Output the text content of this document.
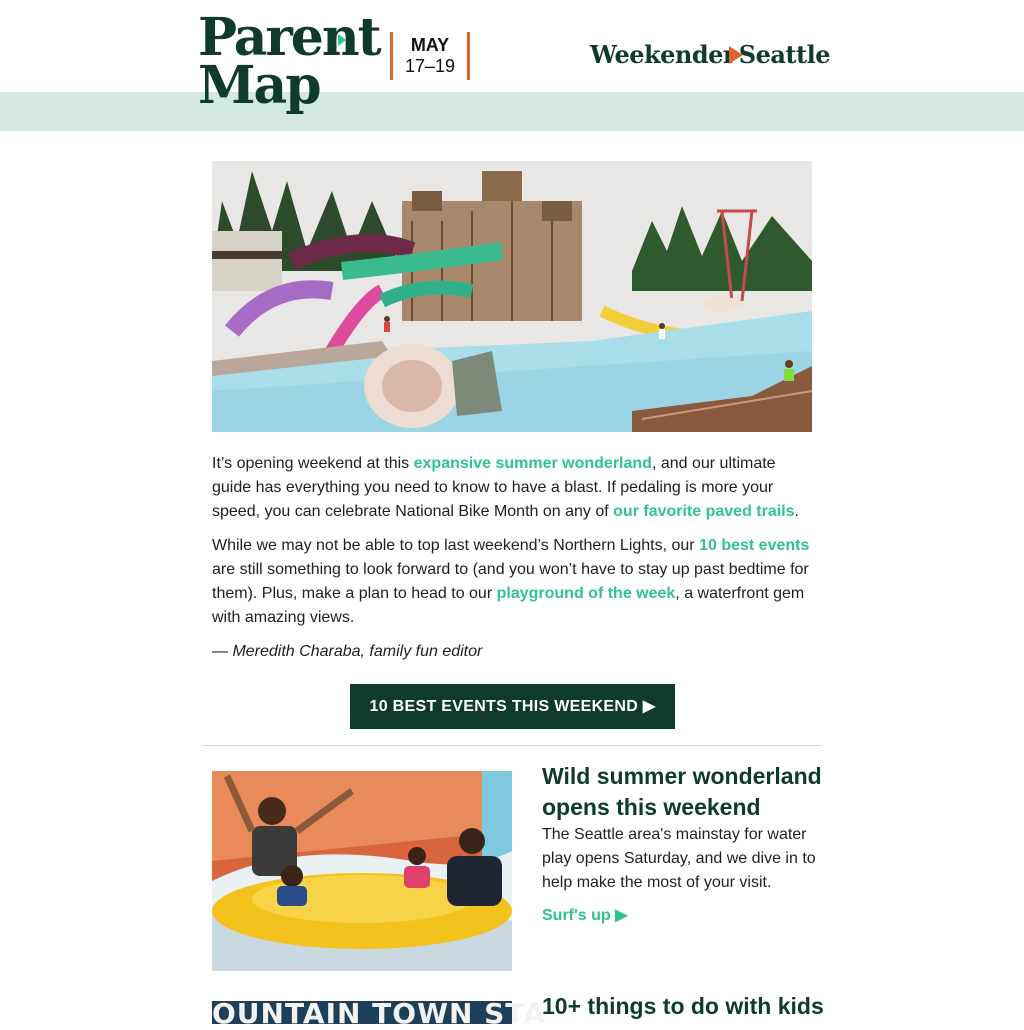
Parent
Map
MAY
17–19	Weekender Seattle

It’s opening weekend at this expansive summer wonderland, and our ultimate guide has everything you need to know to have a blast. If pedaling is more your speed, you can celebrate National Bike Month on any of our favorite paved trails.

While we may not be able to top last weekend’s Northern Lights, our 10 best events are still something to look forward to (and you won’t have to stay up past bedtime for them). Plus, make a plan to head to our playground of the week, a waterfront gem with amazing views.

— Meredith Charaba, family fun editor

10 BEST EVENTS THIS WEEKEND ▶
Wild summer wonderland opens this weekend

The Seattle area's mainstay for water play opens Saturday, and we dive in to help make the most of your visit.

Surf's up ▶
OUNTAIN TOWN STA
10+ things to do with kids
